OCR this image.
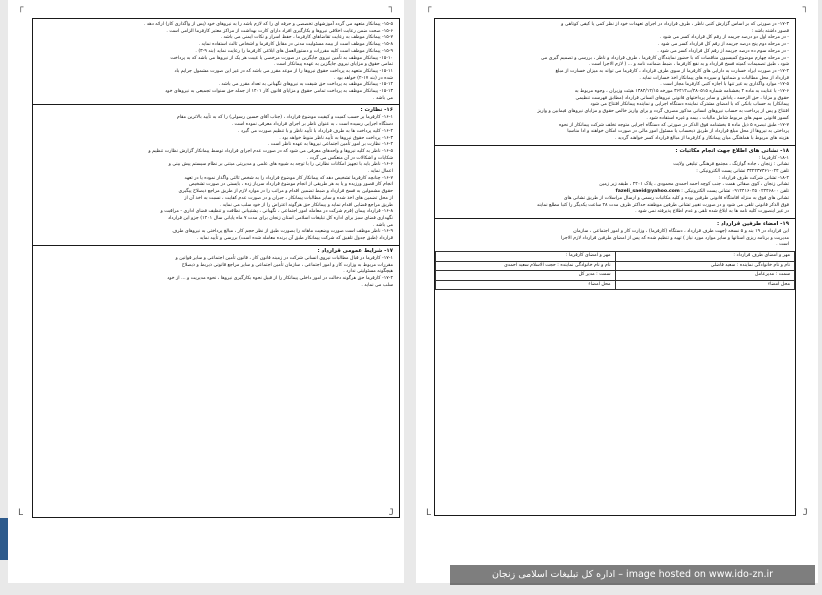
┌	┐
L	J
۱۵-۵- پیمانکار متعهد می گردد آموزشهای تخصصی و حرفه ای را که لازم باشد را به نیروهای خود (پس از واگذاری کار) ارائه دهد .
۱۵-۶- صحت ضمن رعایت اخلاقی نیروها و بکارگیری افراد دارای کارت بهداشت از مراکز معتبر کارفرما الزامی است .
۱۵-۷- پیمانکار موظف به رعایت تقاضاهای کارفرما ، حفظ اسرار و نکات ایمنی می باشد .
۱۵-۸- پیمانکار موظف است از بیمه مسئولیت مدنی در مقابل کارفرما و اشخاص ثالث استفاده نماید .
۱۵-۹- پیمانکار موظف است کلیه مقررات و دستورالعمل های ابلاغی کارفرما را رعایت نماید (بند ۹-۳) .
۱۵-۱۰- پیمانکار موظف به تأمین نیروی جایگزین در صورت مرخصی یا غیبت هر یک از نیروها می باشد که به پرداخت
تمامی حقوق و مزایای نیروی جایگزین به عهده پیمانکار است .
۱۵-۱۱- پیمانکار متعهد به پرداخت حقوق نیروها را از موعد مقرر می باشد که در غیر این صورت مشمول جرایم باد
شده در (بند ۱۷-۲) خواهد بود .
۱۵-۱۲- پیمانکار موظف به پرداخت حق شیفت به نیروهای نگهبانی به تعداد مقرر می باشد .
۱۵-۱۳- پیمانکار موظف به پرداخت تمامی حقوق و مزایای قانون کار ۱۴۰۱ از جمله حق سنوات تجمیعی به نیروهای خود
می باشد .
۱۶- نظارت :
۱۶-۱- کارفرما بر حسب کمیت و کیفیت موضوع قرارداد ، (جناب آقای حسین رسولی) را که به تأیید بالاترین مقام
دستگاه اجرایی رسیده است ، به عنوان ناظر بر اجرای قرارداد معرفی نموده است .
۱۶-۲- کلیه پرداخت ها به طرف قرارداد با تأیید ناظر و با تنظیم صورت می گیرد .
۱۶-۳- پرداخت حقوق نیروها به تأیید ناظر منوط خواهد بود .
۱۶-۴- نظارت بر امور تأمین اجتماعی نیروها به عهده ناظر است .
۱۶-۵- ناظر به کلیه نیروها و واحدهای معرفی می شود که در صورت عدم اجرای قرارداد توسط پیمانکار گزارش نظارت تنظیم و
شکایات و اشکالات در آن منعکس می گردد .
۱۶-۶- ناظر باید با تجهیز امکانات نظارتی را با توجه به شیوه های علمی و مدیریتی مبتنی بر نظام سیستم پیش بینی و
اعمال نماید .
۱۶-۷- چنانچه کارفرما تشخیص دهد که پیمانکار کار موضوع قرارداد را به شخص ثالثی واگذار نموده یا در تعهد
انجام کار قصور ورزیده و یا به هر طریقی از انجام موضوع قرارداد سرباز زده ، بایستی در صورت تشخیص
حقوق مشمولین به فسخ قرارداد و ضبط تضمین اقدام و مراتب را در موارد لازم از طریق مراجع ذیصلاح پیگیری
از محل تضمین های اخذ شده و سایر مطالبات پیمانکار ، جبران و در صورت عدم کفایت ، نسبت به اخذ آن از
طریق مراجع قضایی اقدام نماید و پیمانکار حق هرگونه اعتراض را از خود سلب می نماید .
۱۶-۸- قرارداد پیمان (قرم شرکت در معامله امور اجتماعی ، نگهبانی ، پشتیبانی نظافت و تنظیف فضای اداری - مراقبت و
نگهداری فضای سبز برای اداره کل تبلیغات اسلامی استان زنجان برای مدت ۷ ماه پایانی سال ۱۴۰۱) جزو این قرارداد
می باشد .
۱۶-۹- ناظر موظف است صورت وضعیت ماهانه را بصورت طبق از نظر حجم کار ، مبالغ پرداختی به نیروهای طرف
قرارداد (طبق جدول تلفیق که شرکت پیمانکار طبق آن برنده معامله شده است) بررسی و تأیید نماید .
۱۷- شرایط عمومی قرارداد :
۱۷-۱- کارفرما در قبال مطالبات نیروی انسانی شرکت در زمینه قانون کار ، قانون تأمین اجتماعی و سایر قوانین و
مقررات مربوط به وزارت کار و امور اجتماعی ، سازمان تأمین اجتماعی و سایر مراجع قانونی ذیربط و ذیصلاح
هیچگونه مسئولیتی ندارد .
۱۷-۲- کارفرما حق هرگونه دخالت در امور داخلی پیمانکار را از قبیل نحوه بکارگیری نیروها ، نحوه مدیریت و ... از خود
سلب می نماید .
┌	┐
L	J
۱۷-۳- در صورتی که بر اساس گزارش کتبی ناظر ، طرف قرارداد در اجرای تعهدات خود از نظر کمی یا کیفی کوتاهی و
قصور داشته باشد :
- در مرحله اول دو درصد جریمه از رقم کل قرارداد کسر می شود .
- در مرحله دوم پنج درصد جریمه از رقم کل قرارداد کسر می شود .
- در مرحله سوم ده درصد جریمه از رقم کل قرارداد کسر می شود .
- در مرحله چهارم موضوع کمیسیون مناقصات که با حضور نمایندگان کارفرما ، طرف قرارداد و ناظر ، بررسی و تصمیم گیری می
شود ، طبق تصمیمات کمیته فسخ قرارداد و به نفع کارفرما ، ضبط ضمانت نامه و ... ( لازم الاجرا است .
۱۷-۴- در صورت ایراد خسارت به دارایی های کارفرما از سوی طرف قرارداد ، کارفرما می تواند به میزان خسارت از مبلغ
قرارداد از محل مطالبات و ضمانتها و سپرده های پیمانکار اخذ خسارات نماید .
۱۷-۵- موارد واگذاری به غیر تنها با اجازه کتبی کارفرما مجاز است .
۱۷-۶- با عنایت به ماده ۴ بخشنامه شماره ۴۸۰۵۱۵/ت۳۶۴۱۲ مورخه ۱۳۸۴/۱۲/۱۵ هیئت وزیران ، وجوه مربوط به
حقوق و مزایا ، حق الزحمه ، پاداش و سایر پرداختهای قانونی نیروهای انسانی قرارداد (مطابق فهرست تنظیمی
پیمانکار) به حساب بانکی که با امضای مشترک نماینده دستگاه اجرایی و نماینده پیمانکار افتتاح می شود
افتتاح و پس از پرداخت به حساب نیروهای انسانی مذکور مصرف گردد و برای واریز خالص حقوق و مزایای نیروهای فیمابین و واریز
کسور قانونی سهم های مربوط شامل مالیات ، بیمه و غیره استفاده شود .
۱۷-۷- طبق تبصره ۵ ذیل ماده ۵ بخشنامه فوق الذکر در صورتی که دستگاه اجرایی متوجه تخلف شرکت پیمانکار از نحوه
پرداختی به نیروها از محل مبلغ قرارداد از طریق ذیحساب یا مسئول امور مالی در صورت امکان خواهند و ادا مناسبا
هزینه های مربوط با هماهنگی میان پیمانکار و کارفرما از مبالغ قرارداد کسر خواهند گردید .
۱۸- نشانی های اطلاع جهت انجام مکاتبات :
۱۸-۱- کارفرما :
نشانی : زنجان ، جاده گوازنگ ، مجتمع فرهنگی تبلیغی ولایت
تلفن ۰۲۴-۳۳۲۴۳۷۳۶۱ تشانی پست الکترونیکی :
۱۸-۲- تشانی شرکت طرف قرارداد :
تشانی زنجان ، کوی صفائی همت ، جنب کوچه احمد احمدی محمودی ، پلاک ۲۴۰۱ ، طبقه زیر زمین
تلفن ۰۲۴۴۶۸۰۰ ۰۹۱۲۴۱۶۰۴۵ تشانی پست الکترونیکی : fazeli_saeid@yahoo.com
تشانی های فوق به منزله اقامتگاه قانونی طرفین بوده و کلیه مکاتبات رسمی و ارسال مراسلات از طریق تشانی های
فوق الذکر قانونی تلقی می شود و در صورت تغییر تشانی طرفین موظفند حداکثر ظرف مدت ۴۸ ساعت یکدیگر را کتبا مطلع نمایند
در غیر اینصورت کلیه نامه ها به ابلاغ شده تلقی و عدم اطلاع پذیرفته نمی شود .
۱۹- امضاء طرفین قرارداد :
این قرارداد در ۱۹ بند و ۵ نسخه (جهت طرف قرارداد ، دستگاه (کارفرما) ، وزارت کار و امور اجتماعی ، سازمان
مدیریت و برنامه ریزی استانها و سایر موارد مورد نیاز ) تهیه و تنظیم شده که پس از امضای طرفین قرارداد لازم الاجرا
است .
مهر و امضای طرف قرارداد :	مهر و امضای کارفرما :
نام و نام خانوادگی نماینده : سعید فاضلی	نام و نام خانوادگی نماینده : حجت الاسلام سعید احمدی
سمت : مدیرعامل	سمت : مدیر کل
محل امضاء	محل امضاء
اداره کل تبلیغات اسلامی زنجان – image hosted on www.ido-zn.ir
